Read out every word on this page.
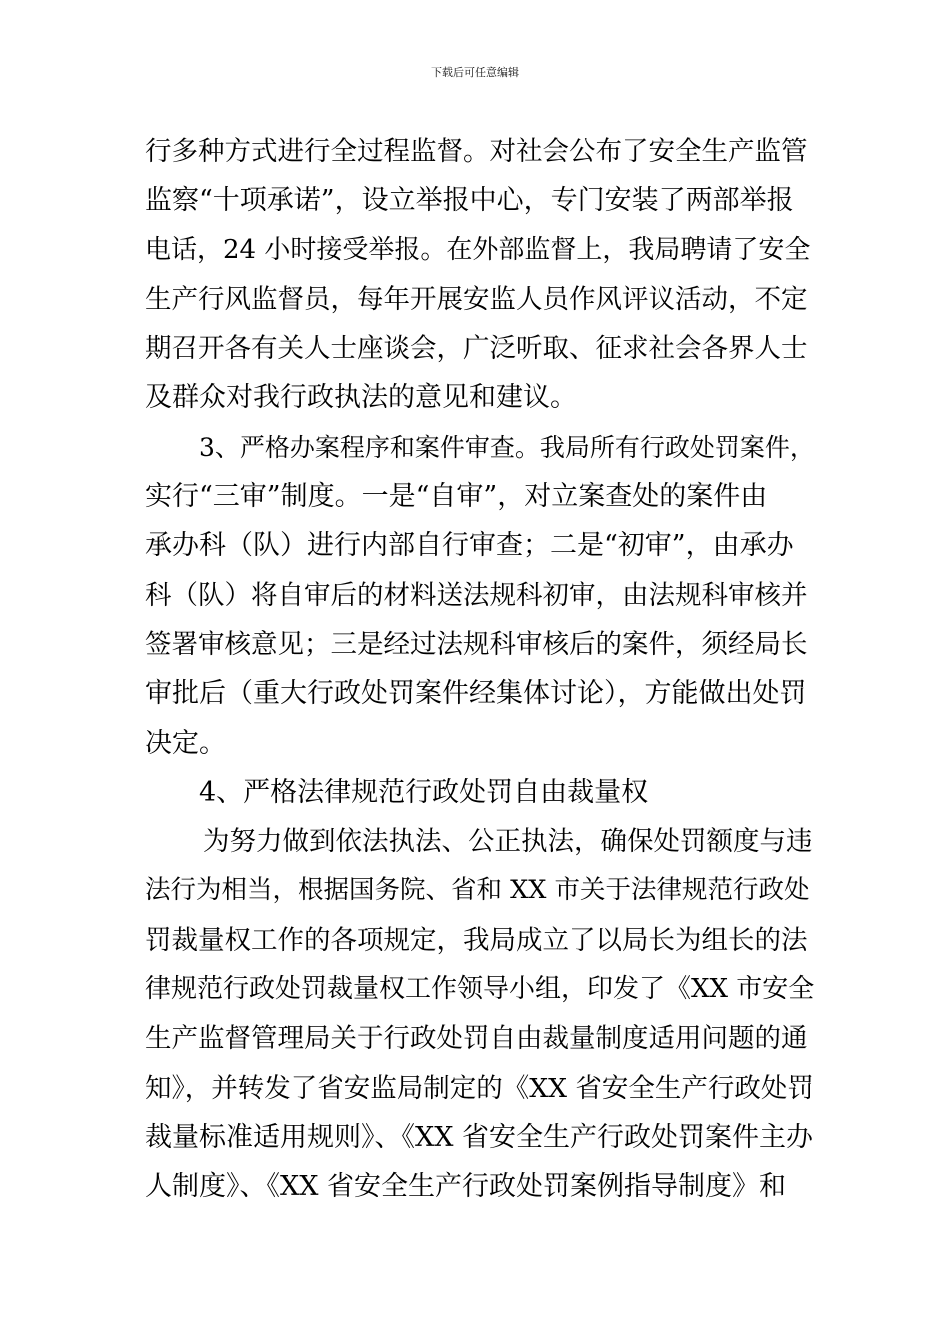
下载后可任意编辑
行多种方式进行全过程监督。对社会公布了安全生产监管
监察“十项承诺”，设立举报中心，专门安装了两部举报
电话，24 小时接受举报。在外部监督上，我局聘请了安全
生产行风监督员，每年开展安监人员作风评议活动，不定
期召开各有关人士座谈会，广泛听取、征求社会各界人士
及群众对我行政执法的意见和建议。
3、严格办案程序和案件审查。我局所有行政处罚案件，
实行“三审”制度。一是“自审”，对立案查处的案件由
承办科（队）进行内部自行审查；二是“初审”，由承办
科（队）将自审后的材料送法规科初审，由法规科审核并
签署审核意见；三是经过法规科审核后的案件，须经局长
审批后（重大行政处罚案件经集体讨论），方能做出处罚
决定。
4、严格法律规范行政处罚自由裁量权
为努力做到依法执法、公正执法，确保处罚额度与违
法行为相当，根据国务院、省和 XX 市关于法律规范行政处
罚裁量权工作的各项规定，我局成立了以局长为组长的法
律规范行政处罚裁量权工作领导小组，印发了《XX 市安全
生产监督管理局关于行政处罚自由裁量制度适用问题的通
知》，并转发了省安监局制定的《XX 省安全生产行政处罚
裁量标准适用规则》、《XX 省安全生产行政处罚案件主办
人制度》、《XX 省安全生产行政处罚案例指导制度》和
